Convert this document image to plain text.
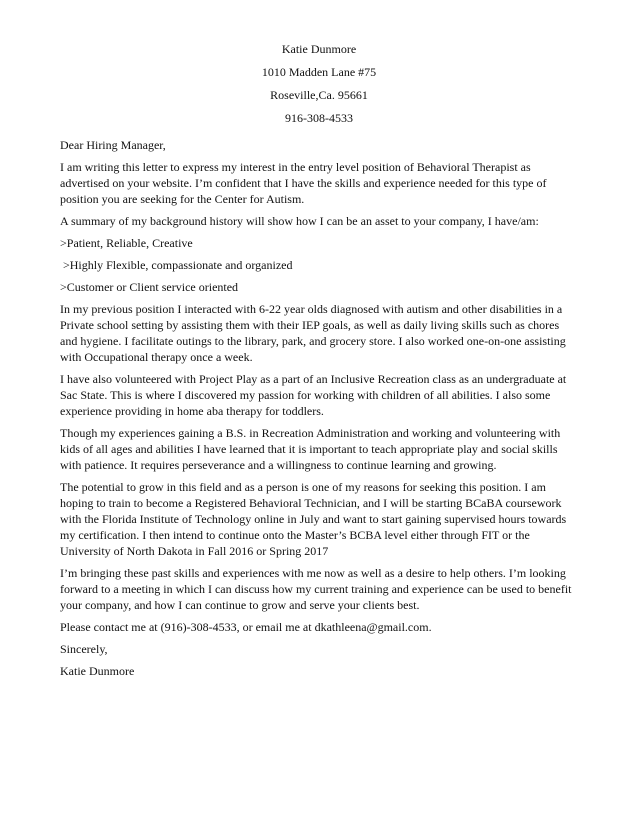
Katie Dunmore

1010 Madden Lane #75

Roseville,Ca. 95661

916-308-4533

Dear Hiring Manager,

I am writing this letter to express my interest in the entry level position of Behavioral Therapist as advertised on your website. I’m confident that I have the skills and experience needed for this type of position you are seeking for the Center for Autism.

A summary of my background history will show how I can be an asset to your company, I have/am:

>Patient, Reliable, Creative

>Highly Flexible, compassionate and organized

>Customer or Client service oriented

In my previous position I interacted with 6-22 year olds diagnosed with autism and other disabilities in a Private school setting by assisting them with their IEP goals, as well as daily living skills such as chores and hygiene. I facilitate outings to the library, park, and grocery store. I also worked one-on-one assisting with Occupational therapy once a week.

I have also volunteered with Project Play as a part of an Inclusive Recreation class as an undergraduate at Sac State. This is where I discovered my passion for working with children of all abilities. I also some experience providing in home aba therapy for toddlers.

Though my experiences gaining a B.S. in Recreation Administration and working and volunteering with kids of all ages and abilities I have learned that it is important to teach appropriate play and social skills with patience. It requires perseverance and a willingness to continue learning and growing.

The potential to grow in this field and as a person is one of my reasons for seeking this position. I am hoping to train to become a Registered Behavioral Technician, and I will be starting BCaBA coursework with the Florida Institute of Technology online in July and want to start gaining supervised hours towards my certification. I then intend to continue onto the Master’s BCBA level either through FIT or the University of North Dakota in Fall 2016 or Spring 2017

I’m bringing these past skills and experiences with me now as well as a desire to help others. I’m looking forward to a meeting in which I can discuss how my current training and experience can be used to benefit your company, and how I can continue to grow and serve your clients best.

Please contact me at (916)-308-4533, or email me at dkathleena@gmail.com.

Sincerely,

Katie Dunmore
